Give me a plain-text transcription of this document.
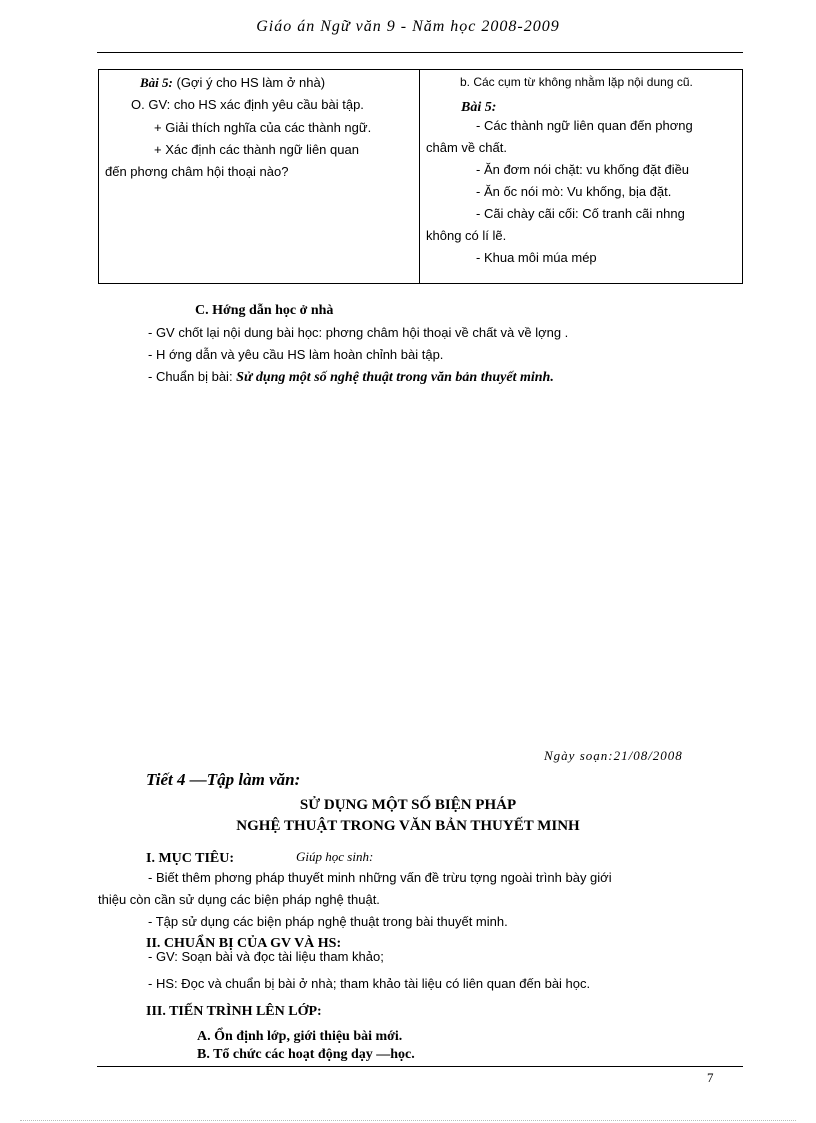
Giáo án Ngữ văn 9 - Năm học 2008-2009
Bài 5: (Gợi ý cho HS làm ở nhà)
O. GV: cho HS xác định yêu cầu bài tập.
+ Giải thích nghĩa của các thành ngữ.
+ Xác định các thành ngữ liên quan
đến phơng châm hội thoại nào?

b. Các cụm từ không nhằm lặp nội dung cũ.
Bài 5:
- Các thành ngữ liên quan đến phơng
châm về chất.
- Ăn đơm nói chặt: vu khống đặt điều
- Ăn ốc nói mò: Vu khống, bịa đặt.
- Cãi chày cãi cối: Cố tranh cãi nhng
không có lí lẽ.
- Khua môi múa mép
C. Hớng dẫn học ở nhà
- GV chốt lại nội dung bài học: phơng châm hội thoại về chất và về lợng .
- H ớng dẫn và yêu cầu HS làm hoàn chỉnh bài tập.
- Chuẩn bị bài: Sử dụng một số nghệ thuật trong văn bản thuyết minh.
Ngày soạn:21/08/2008
Tiết 4 —Tập làm văn:
SỬ DỤNG MỘT SỐ BIỆN PHÁP
NGHỆ THUẬT TRONG VĂN BẢN THUYẾT MINH
I. MỤC TIÊU:	Giúp học sinh:
- Biết thêm phơng pháp thuyết minh những vấn đề trừu tợng ngoài trình bày giới
thiệu còn cần sử dụng các biện pháp nghệ thuật.
- Tập sử dụng các biện pháp nghệ thuật trong bài thuyết minh.
II. CHUẨN BỊ CỦA GV VÀ HS:
- GV: Soạn bài và đọc tài liệu tham khảo;
- HS: Đọc và chuẩn bị bài ở nhà; tham khảo tài liệu có liên quan đến bài học.
III. TIẾN TRÌNH LÊN LỚP:
A. Ổn định lớp, giới thiệu bài mới.
B. Tổ chức các hoạt động dạy —học.
7
